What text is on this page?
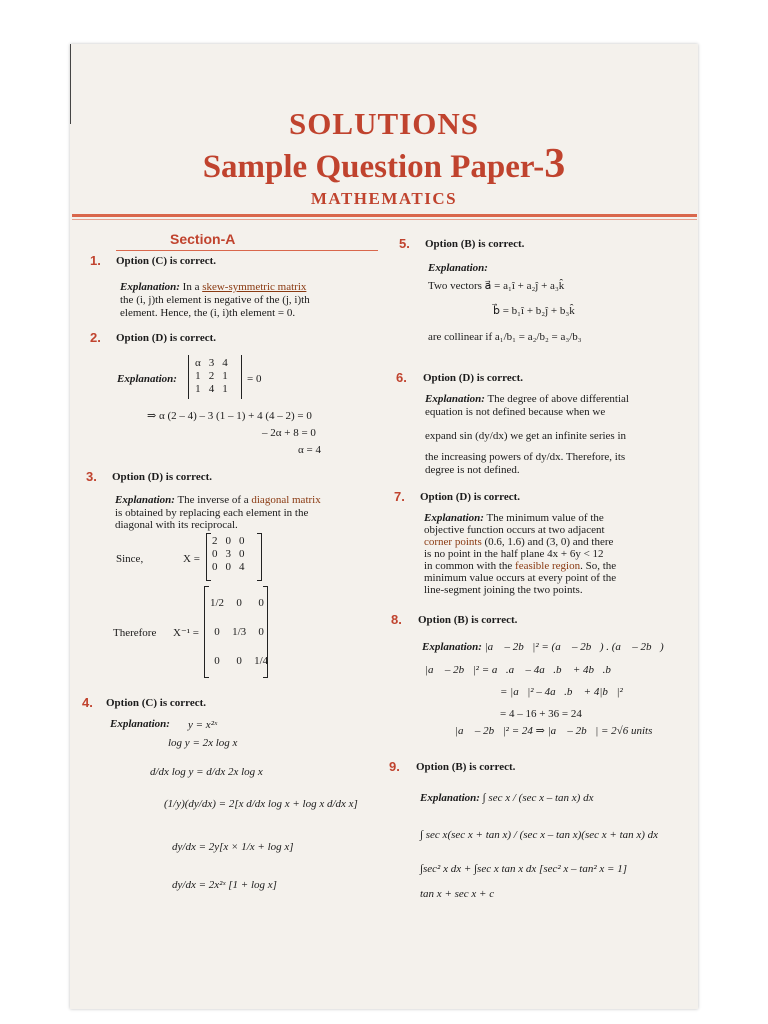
SOLUTIONS
Sample Question Paper-3
MATHEMATICS
Section-A
1. Option (C) is correct.
Explanation: In a skew-symmetric matrix
the (i, j)th element is negative of the (j, i)th
element. Hence, the (i, i)th element = 0.
2. Option (D) is correct.
Explanation:
α	3	4
1	2	1
1	4	1
= 0
⇒ α (2 – 4) – 3 (1 – 1) + 4 (4 – 2) = 0
– 2α + 8 = 0
α = 4
3. Option (D) is correct.
Explanation: The inverse of a diagonal matrix
is obtained by replacing each element in the
diagonal with its reciprocal.
Since,	X =
2	0	0
0	3	0
0	0	4
Therefore X⁻¹ =
1/2	0	0
0	1/3	0
0	0	1/4
4. Option (C) is correct.
Explanation: y = x²ˣ
log y = 2x log x
d/dx log y = d/dx 2x log x
(1/y)(dy/dx) = 2[x d/dx log x + log x d/dx x]
dy/dx = 2y[x × 1/x + log x]
dy/dx = 2x²ˣ [1 + log x]
5. Option (B) is correct.
Explanation:
Two vectors a⃗ = a₁î + a₂ĵ + a₃k̂
b⃗ = b₁î + b₂ĵ + b₃k̂
are collinear if a₁/b₁ = a₂/b₂ = a₃/b₃
6. Option (D) is correct.
Explanation: The degree of above differential
equation is not defined because when we
expand sin (dy/dx) we get an infinite series in
the increasing powers of dy/dx. Therefore, its
degree is not defined.
7. Option (D) is correct.
Explanation: The minimum value of the
objective function occurs at two adjacent
corner points (0.6, 1.6) and (3, 0) and there
is no point in the half plane 4x + 6y < 12
in common with the feasible region. So, the
minimum value occurs at every point of the
line-segment joining the two points.
8. Option (B) is correct.
Explanation: |a⃗ – 2b⃗|² = (a⃗ – 2b⃗) . (a⃗ – 2b⃗)
|a⃗ – 2b⃗|² = a⃗.a⃗ – 4a⃗.b⃗ + 4b⃗.b⃗
= |a⃗|² – 4a⃗.b⃗ + 4|b⃗|²
= 4 – 16 + 36 = 24
|a⃗ – 2b⃗|² = 24 ⇒ |a⃗ – 2b⃗| = 2√6 units
9. Option (B) is correct.
Explanation: ∫ sec x / (sec x – tan x) dx
∫ sec x(sec x + tan x) / (sec x – tan x)(sec x + tan x) dx
∫sec² x dx + ∫sec x tan x dx [sec² x – tan² x = 1]
tan x + sec x + c
